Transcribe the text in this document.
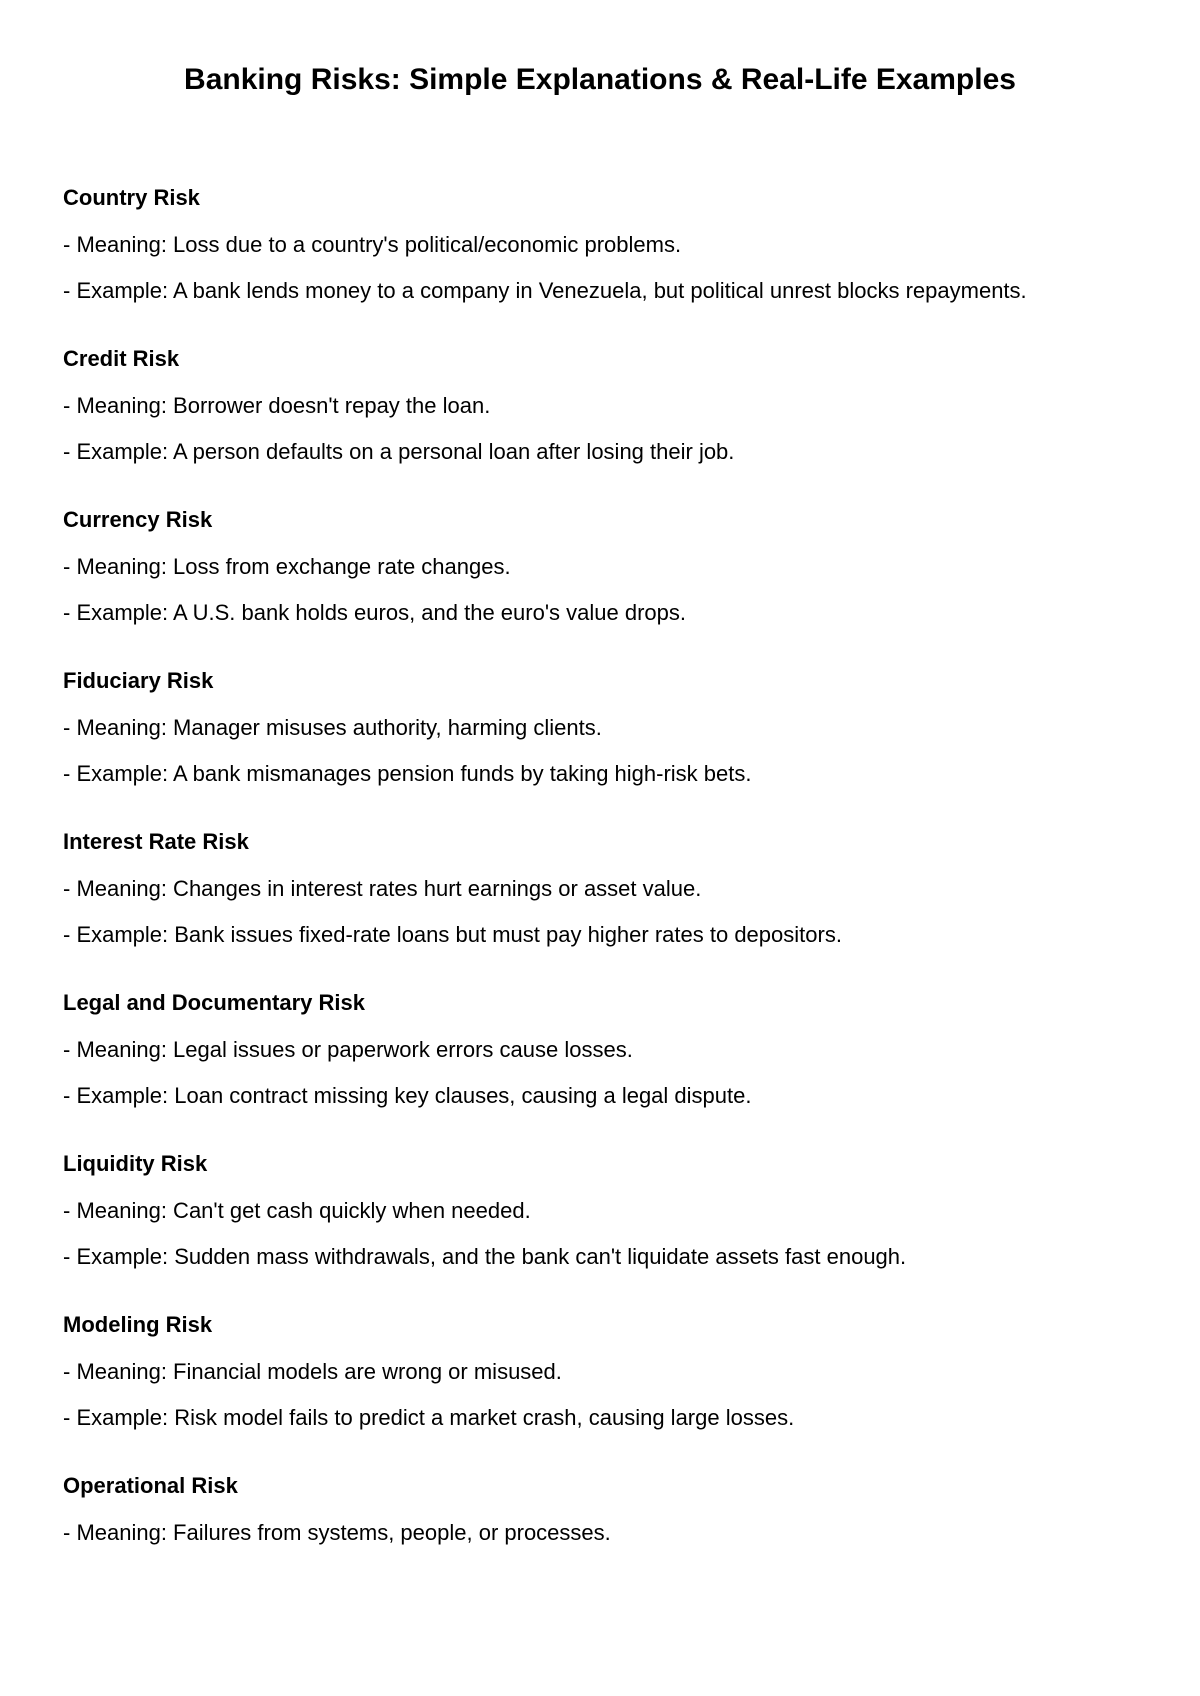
Banking Risks: Simple Explanations & Real-Life Examples

Country Risk

- Meaning: Loss due to a country's political/economic problems.

- Example: A bank lends money to a company in Venezuela, but political unrest blocks repayments.

Credit Risk

- Meaning: Borrower doesn't repay the loan.

- Example: A person defaults on a personal loan after losing their job.

Currency Risk

- Meaning: Loss from exchange rate changes.

- Example: A U.S. bank holds euros, and the euro's value drops.

Fiduciary Risk

- Meaning: Manager misuses authority, harming clients.

- Example: A bank mismanages pension funds by taking high-risk bets.

Interest Rate Risk

- Meaning: Changes in interest rates hurt earnings or asset value.

- Example: Bank issues fixed-rate loans but must pay higher rates to depositors.

Legal and Documentary Risk

- Meaning: Legal issues or paperwork errors cause losses.

- Example: Loan contract missing key clauses, causing a legal dispute.

Liquidity Risk

- Meaning: Can't get cash quickly when needed.

- Example: Sudden mass withdrawals, and the bank can't liquidate assets fast enough.

Modeling Risk

- Meaning: Financial models are wrong or misused.

- Example: Risk model fails to predict a market crash, causing large losses.

Operational Risk

- Meaning: Failures from systems, people, or processes.
